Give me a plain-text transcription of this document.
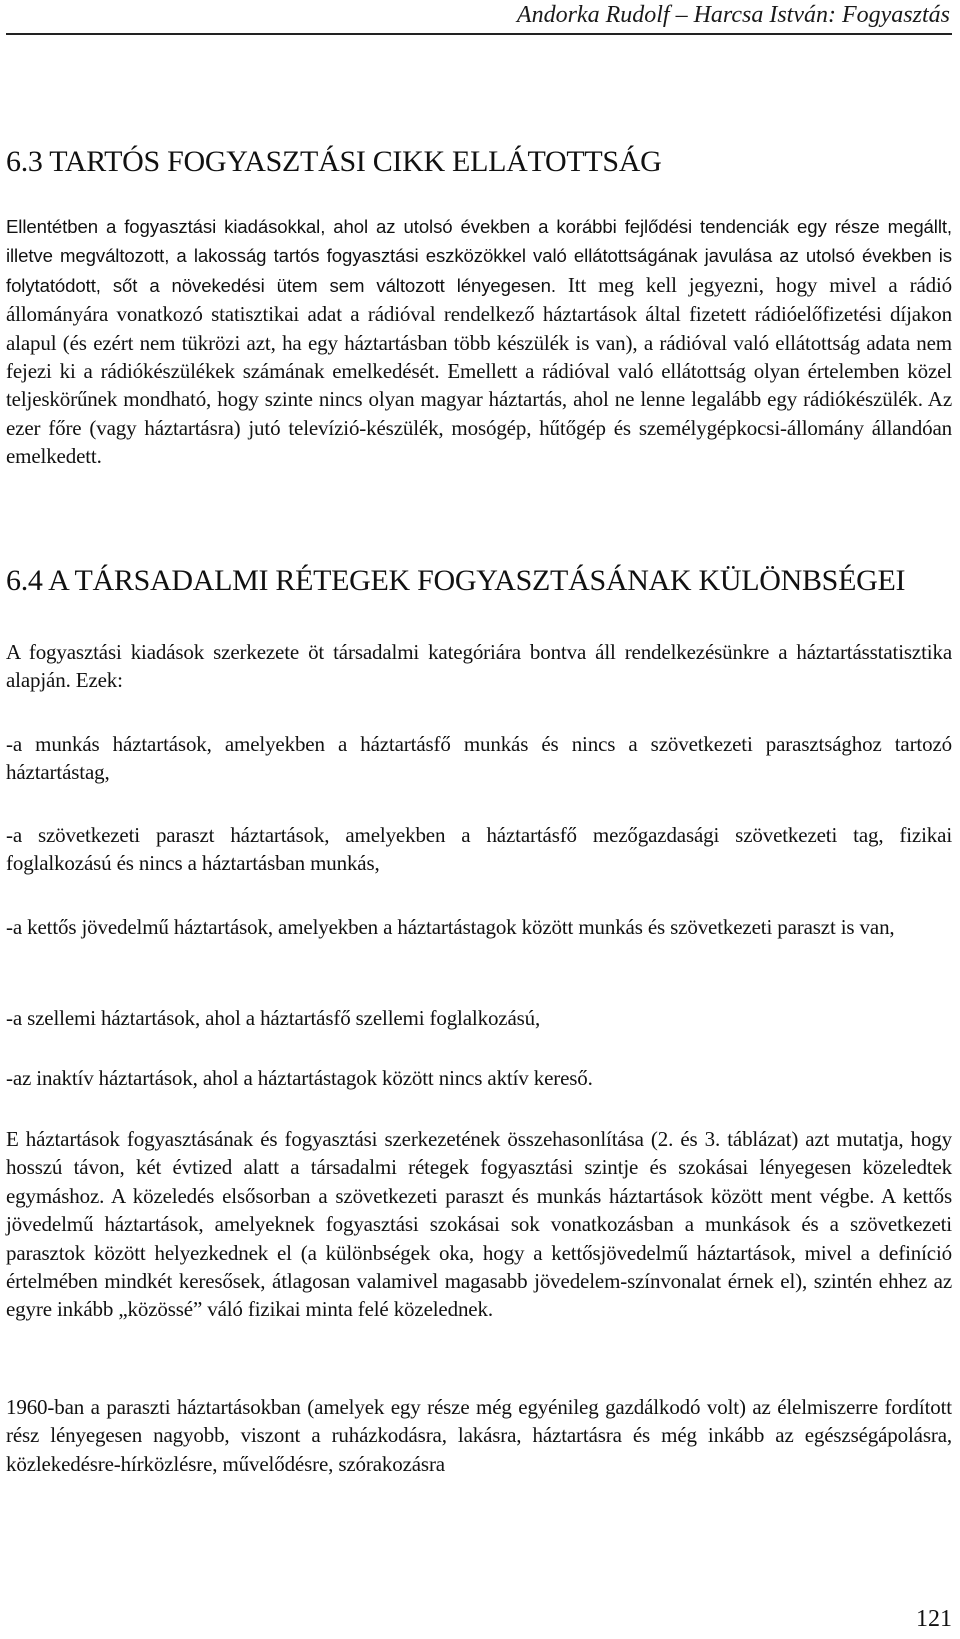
Andorka Rudolf – Harcsa István: Fogyasztás
6.3 TARTÓS FOGYASZTÁSI CIKK ELLÁTOTTSÁG

Ellentétben a fogyasztási kiadásokkal, ahol az utolsó években a korábbi fejlődési tendenciák egy része megállt, illetve megváltozott, a lakosság tartós fogyasztási eszközökkel való ellátottságának javulása az utolsó években is folytatódott, sőt a növekedési ütem sem változott lényegesen. Itt meg kell jegyezni, hogy mivel a rádió állományára vonatkozó statisztikai adat a rádióval rendelkező háztartások által fizetett rádióelőfizetési díjakon alapul (és ezért nem tükrözi azt, ha egy háztartásban több készülék is van), a rádióval való ellátottság adata nem fejezi ki a rádiókészülékek számának emelkedését. Emellett a rádióval való ellátottság olyan értelemben közel teljeskörűnek mondható, hogy szinte nincs olyan magyar háztartás, ahol ne lenne legalább egy rádiókészülék. Az ezer főre (vagy háztartásra) jutó televízió-készülék, mosógép, hűtőgép és személygépkocsi-állomány állandóan emelkedett.

6.4 A TÁRSADALMI RÉTEGEK FOGYASZTÁSÁNAK KÜLÖNBSÉGEI

A fogyasztási kiadások szerkezete öt társadalmi kategóriára bontva áll rendelkezésünkre a háztartásstatisztika alapján. Ezek:

-a munkás háztartások, amelyekben a háztartásfő munkás és nincs a szövetkezeti parasztsághoz tartozó háztartástag,

-a szövetkezeti paraszt háztartások, amelyekben a háztartásfő mezőgazdasági szövetkezeti tag, fizikai foglalkozású és nincs a háztartásban munkás,

-a kettős jövedelmű háztartások, amelyekben a háztartástagok között munkás és szövetkezeti paraszt is van,

-a szellemi háztartások, ahol a háztartásfő szellemi foglalkozású,

-az inaktív háztartások, ahol a háztartástagok között nincs aktív kereső.

E háztartások fogyasztásának és fogyasztási szerkezetének összehasonlítása (2. és 3. táblázat) azt mutatja, hogy hosszú távon, két évtized alatt a társadalmi rétegek fogyasztási szintje és szokásai lényegesen közeledtek egymáshoz. A közeledés elsősorban a szövetkezeti paraszt és munkás háztartások között ment végbe. A kettős jövedelmű háztartások, amelyeknek fogyasztási szokásai sok vonatkozásban a munkások és a szövetkezeti parasztok között helyezkednek el (a különbségek oka, hogy a kettősjövedelmű háztartások, mivel a definíció értelmében mindkét keresősek, átlagosan valamivel magasabb jövedelem-színvonalat érnek el), szintén ehhez az egyre inkább „közössé” váló fizikai minta felé közelednek.

1960-ban a paraszti háztartásokban (amelyek egy része még egyénileg gazdálkodó volt) az élelmiszerre fordított rész lényegesen nagyobb, viszont a ruházkodásra, lakásra, háztartásra és még inkább az egészségápolásra, közlekedésre-hírközlésre, művelődésre, szórakozásra

121
